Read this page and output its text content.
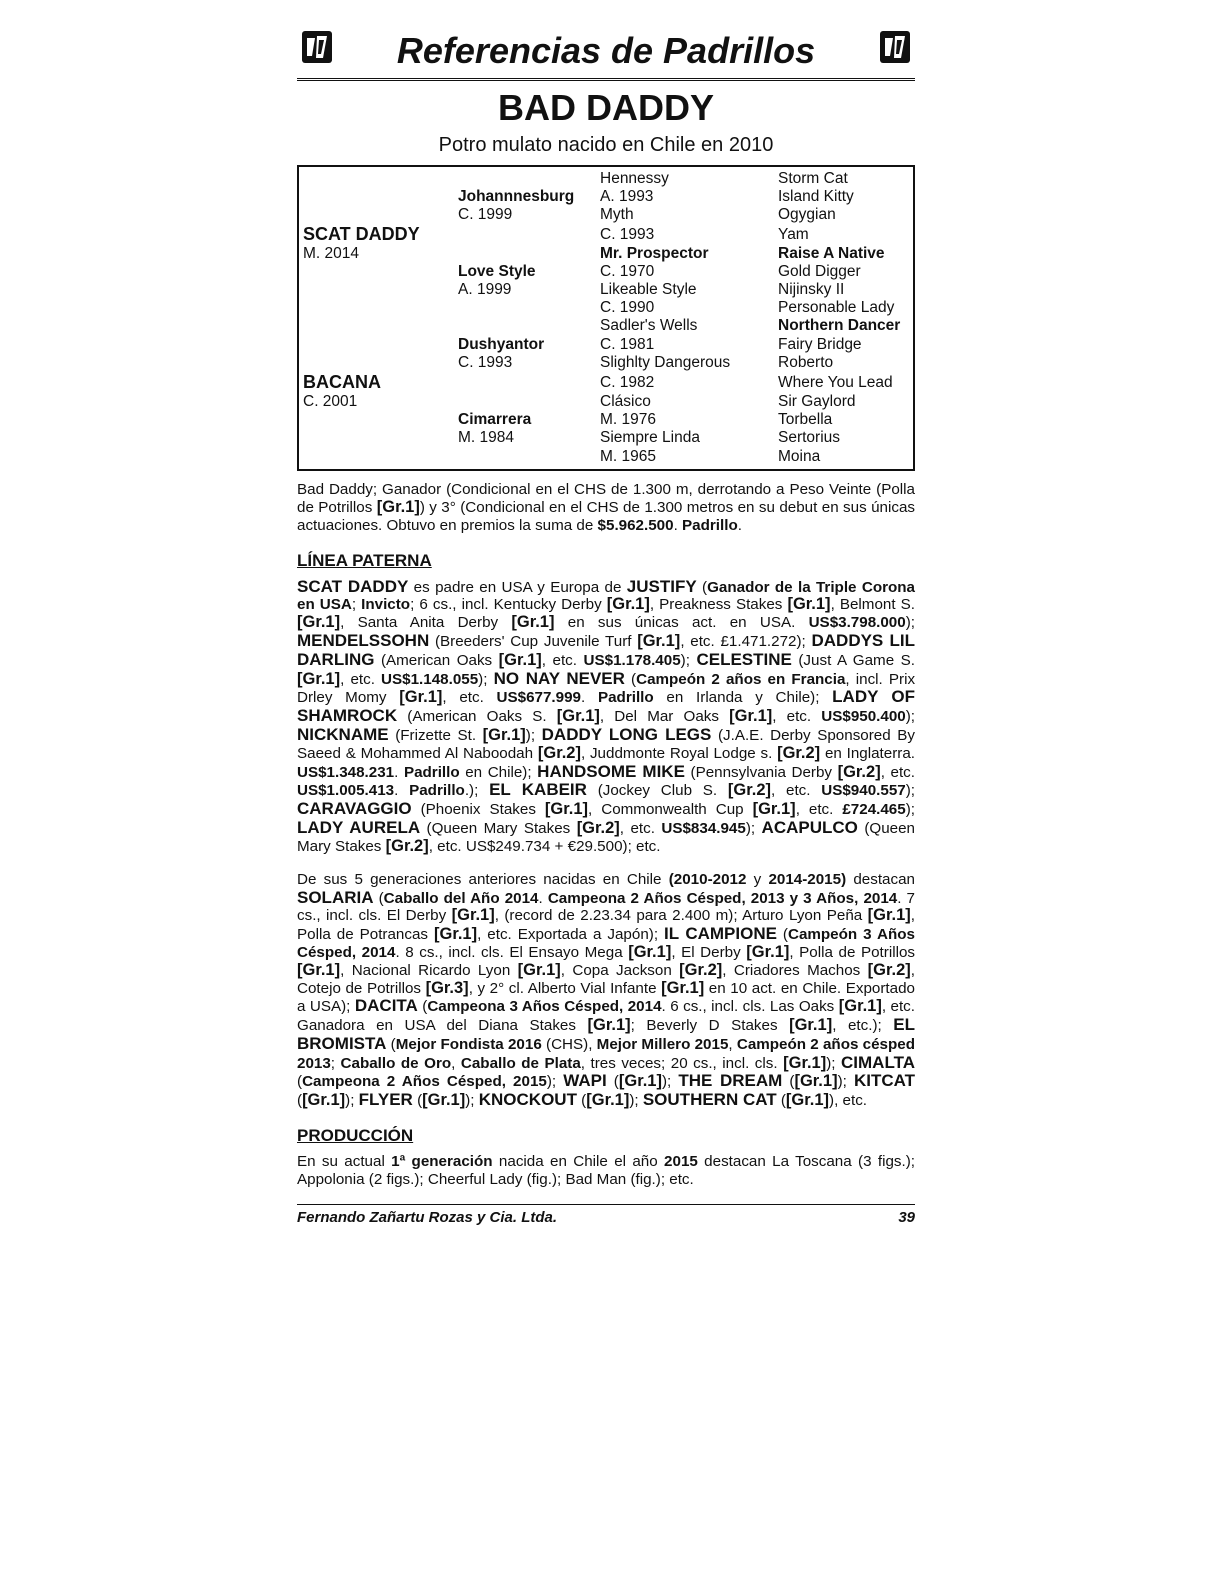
Referencias de Padrillos
BAD DADDY
Potro mulato nacido en Chile en 2010
SCAT DADDY
M. 2014
BACANA
C. 2001
Johannnesburg
C. 1999
Love Style
A. 1999
Dushyantor
C. 1993
Cimarrera
M. 1984
Hennessy
A. 1993
Myth
C. 1993
Mr. Prospector
C. 1970
Likeable Style
C. 1990
Sadler's Wells
C. 1981
Slighlty Dangerous
C. 1982
Clásico
M. 1976
Siempre Linda
M. 1965
Storm Cat
Island Kitty
Ogygian
Yam
Raise A Native
Gold Digger
Nijinsky II
Personable Lady
Northern Dancer
Fairy Bridge
Roberto
Where You Lead
Sir Gaylord
Torbella
Sertorius
Moina

Bad Daddy; Ganador (Condicional en el CHS de 1.300 m, derrotando a Peso Veinte (Polla de Potrillos [Gr.1]) y 3° (Condicional en el CHS de 1.300 metros en su debut en sus únicas actuaciones. Obtuvo en premios la suma de $5.962.500. Padrillo.

LÍNEA PATERNA

SCAT DADDY es padre en USA y Europa de JUSTIFY (Ganador de la Triple Corona en USA; Invicto; 6 cs., incl. Kentucky Derby [Gr.1], Preakness Stakes [Gr.1], Belmont S. [Gr.1], Santa Anita Derby [Gr.1] en sus únicas act. en USA. US$3.798.000); MENDELSSOHN (Breeders' Cup Juvenile Turf [Gr.1], etc. £1.471.272); DADDYS LIL DARLING (American Oaks [Gr.1], etc. US$1.178.405); CELESTINE (Just A Game S. [Gr.1], etc. US$1.148.055); NO NAY NEVER (Campeón 2 años en Francia, incl. Prix Drley Momy [Gr.1], etc. US$677.999. Padrillo en Irlanda y Chile); LADY OF SHAMROCK (American Oaks S. [Gr.1], Del Mar Oaks [Gr.1], etc. US$950.400); NICKNAME (Frizette St. [Gr.1]); DADDY LONG LEGS (J.A.E. Derby Sponsored By Saeed & Mohammed Al Naboodah [Gr.2], Juddmonte Royal Lodge s. [Gr.2] en Inglaterra. US$1.348.231. Padrillo en Chile); HANDSOME MIKE (Pennsylvania Derby [Gr.2], etc. US$1.005.413. Padrillo.); EL KABEIR (Jockey Club S. [Gr.2], etc. US$940.557); CARAVAGGIO (Phoenix Stakes [Gr.1], Commonwealth Cup [Gr.1], etc. £724.465); LADY AURELA (Queen Mary Stakes [Gr.2], etc. US$834.945); ACAPULCO (Queen Mary Stakes [Gr.2], etc. US$249.734 + €29.500); etc.

De sus 5 generaciones anteriores nacidas en Chile (2010-2012 y 2014-2015) destacan SOLARIA (Caballo del Año 2014. Campeona 2 Años Césped, 2013 y 3 Años, 2014. 7 cs., incl. cls. El Derby [Gr.1], (record de 2.23.34 para 2.400 m); Arturo Lyon Peña [Gr.1], Polla de Potrancas [Gr.1], etc. Exportada a Japón); IL CAMPIONE (Campeón 3 Años Césped, 2014. 8 cs., incl. cls. El Ensayo Mega [Gr.1], El Derby [Gr.1], Polla de Potrillos [Gr.1], Nacional Ricardo Lyon [Gr.1], Copa Jackson [Gr.2], Criadores Machos [Gr.2], Cotejo de Potrillos [Gr.3], y 2° cl. Alberto Vial Infante [Gr.1] en 10 act. en Chile. Exportado a USA); DACITA (Campeona 3 Años Césped, 2014. 6 cs., incl. cls. Las Oaks [Gr.1], etc. Ganadora en USA del Diana Stakes [Gr.1]; Beverly D Stakes [Gr.1], etc.); EL BROMISTA (Mejor Fondista 2016 (CHS), Mejor Millero 2015, Campeón 2 años césped 2013; Caballo de Oro, Caballo de Plata, tres veces; 20 cs., incl. cls. [Gr.1]); CIMALTA (Campeona 2 Años Césped, 2015); WAPI ([Gr.1]); THE DREAM ([Gr.1]); KITCAT ([Gr.1]); FLYER ([Gr.1]); KNOCKOUT ([Gr.1]); SOUTHERN CAT ([Gr.1]), etc.

PRODUCCIÓN

En su actual 1ª generación nacida en Chile el año 2015 destacan La Toscana (3 figs.); Appolonia (2 figs.); Cheerful Lady (fig.); Bad Man (fig.); etc.

Fernando Zañartu Rozas y Cia. Ltda.	39
